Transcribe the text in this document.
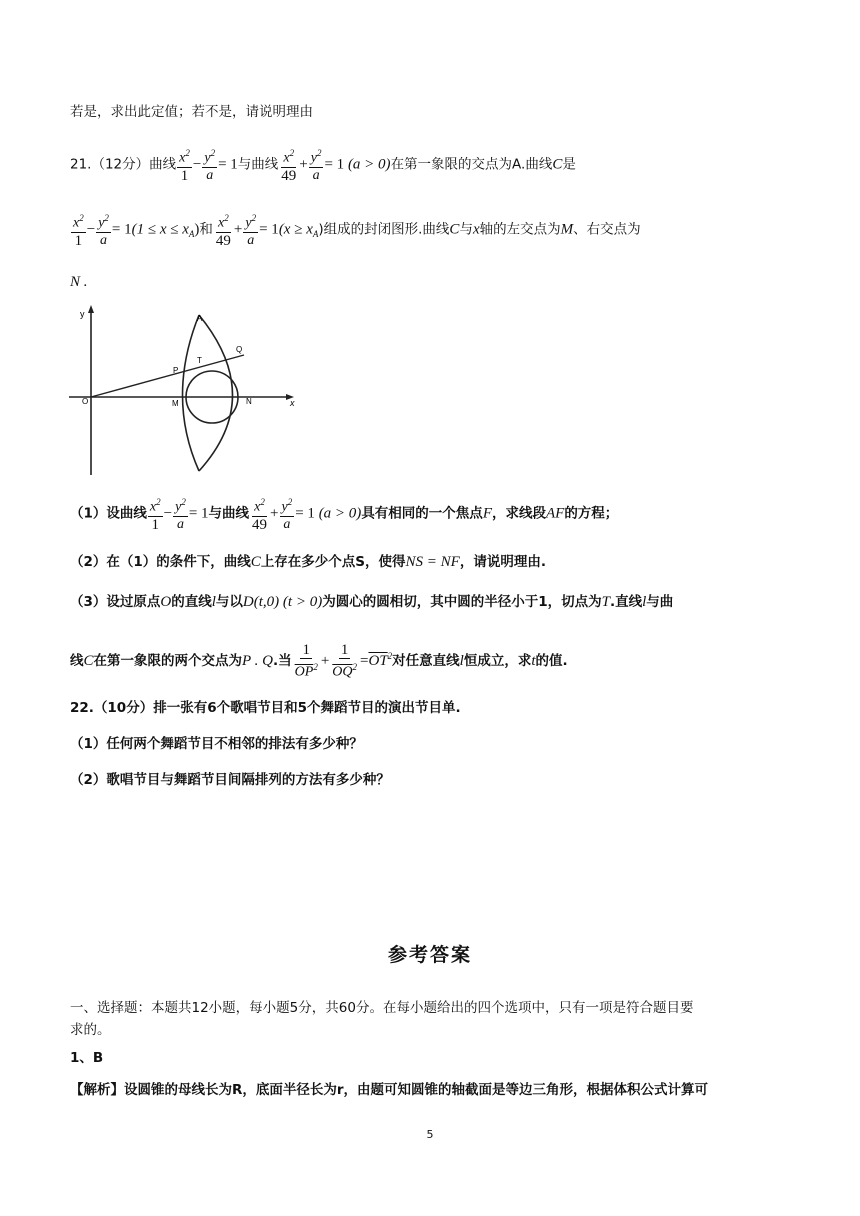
若是，求出此定值；若不是，请说明理由
21.（12分）曲线 $\frac{x^2}{1} - \frac{y^2}{a} = 1$与曲线 $\frac{x^2}{49} + \frac{y^2}{a} = 1$ (a > 0)在第一象限的交点为A.曲线C是
$\frac{x^2}{1} - \frac{y^2}{a} = 1(1 \le x \le x_A)$和 $\frac{x^2}{49} + \frac{y^2}{a} = 1(x \ge x_A)$组成的封闭图形.曲线C与x轴的左交点为M、右交点为
N .
y
x
O	M	N
A
P
T
Q
（1）设曲线 $\frac{x^2}{1} - \frac{y^2}{a} = 1$与曲线 $\frac{x^2}{49} + \frac{y^2}{a} = 1$ (a > 0)具有相同的一个焦点F，求线段AF的方程；
（2）在（1）的条件下，曲线C上存在多少个点S，使得NS = NF，请说明理由.
（3）设过原点O的直线l与以D(t,0) (t > 0)为圆心的圆相切，其中圆的半径小于1，切点为T.直线l与曲
线C在第一象限的两个交点为P . Q.当 $\frac{1}{\overline{OP}^2} + \frac{1}{\overline{OQ}^2} =\overline{OT}^2$对任意直线l恒成立，求t的值.
22.（10分）排一张有6个歌唱节目和5个舞蹈节目的演出节目单.
（1）任何两个舞蹈节目不相邻的排法有多少种？
（2）歌唱节目与舞蹈节目间隔排列的方法有多少种？
参考答案
一、选择题：本题共12小题，每小题5分，共60分。在每小题给出的四个选项中，只有一项是符合题目要
求的。
1、B
【解析】设圆锥的母线长为R，底面半径长为r，由题可知圆锥的轴截面是等边三角形，根据体积公式计算可
5
